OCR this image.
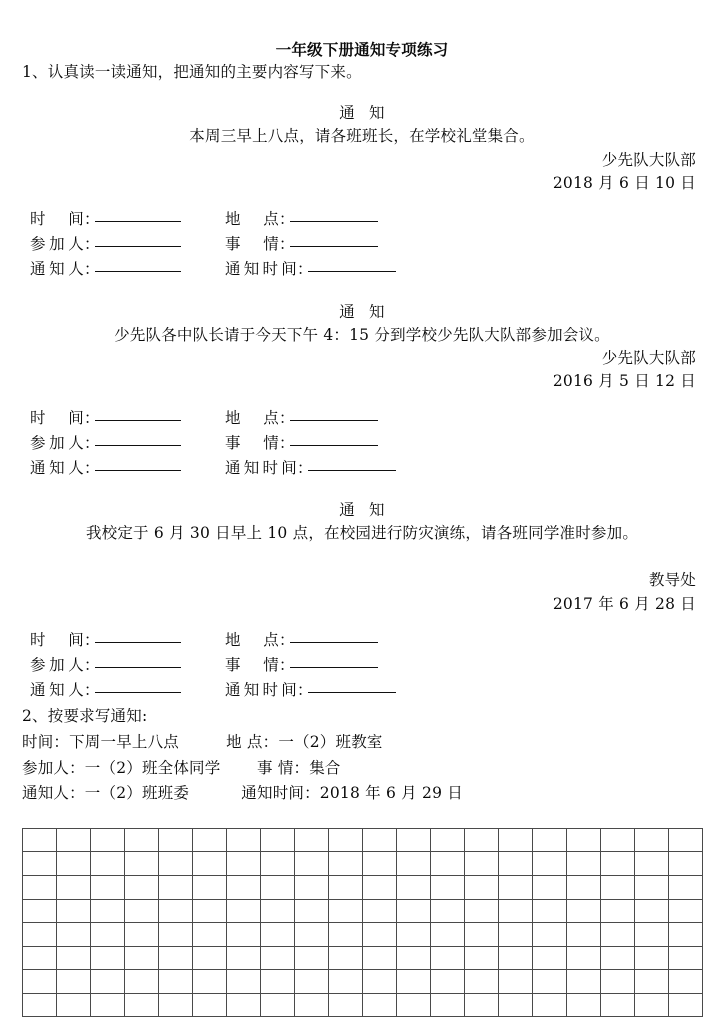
一年级下册通知专项练习

1、认真读一读通知，把通知的主要内容写下来。

通 知

本周三早上八点，请各班班长，在学校礼堂集合。

少先队大队部
2018 月 6 日 10 日
时间 ：	地点 ：
参加人 ：	事情 ：
通知人 ：	通知时间 ：

通 知

少先队各中队长请于今天下午 4：15 分到学校少先队大队部参加会议。

少先队大队部
2016 月 5 日 12 日
时间 ：	地点 ：
参加人 ：	事情 ：
通知人 ：	通知时间 ：

通 知

我校定于 6 月 30 日早上 10 点，在校园进行防灾演练，请各班同学准时参加。

教导处
2017 年 6 月 28 日
时间 ：	地点 ：
参加人 ：	事情 ：
通知人 ：	通知时间 ：

2、按要求写通知:

时间：下周一早上八点　　　地 点：一（2）班教室

参加人：一（2）班全体同学　　 事 情：集合

通知人：一（2）班班委　　　 通知时间：2018 年 6 月 29 日
